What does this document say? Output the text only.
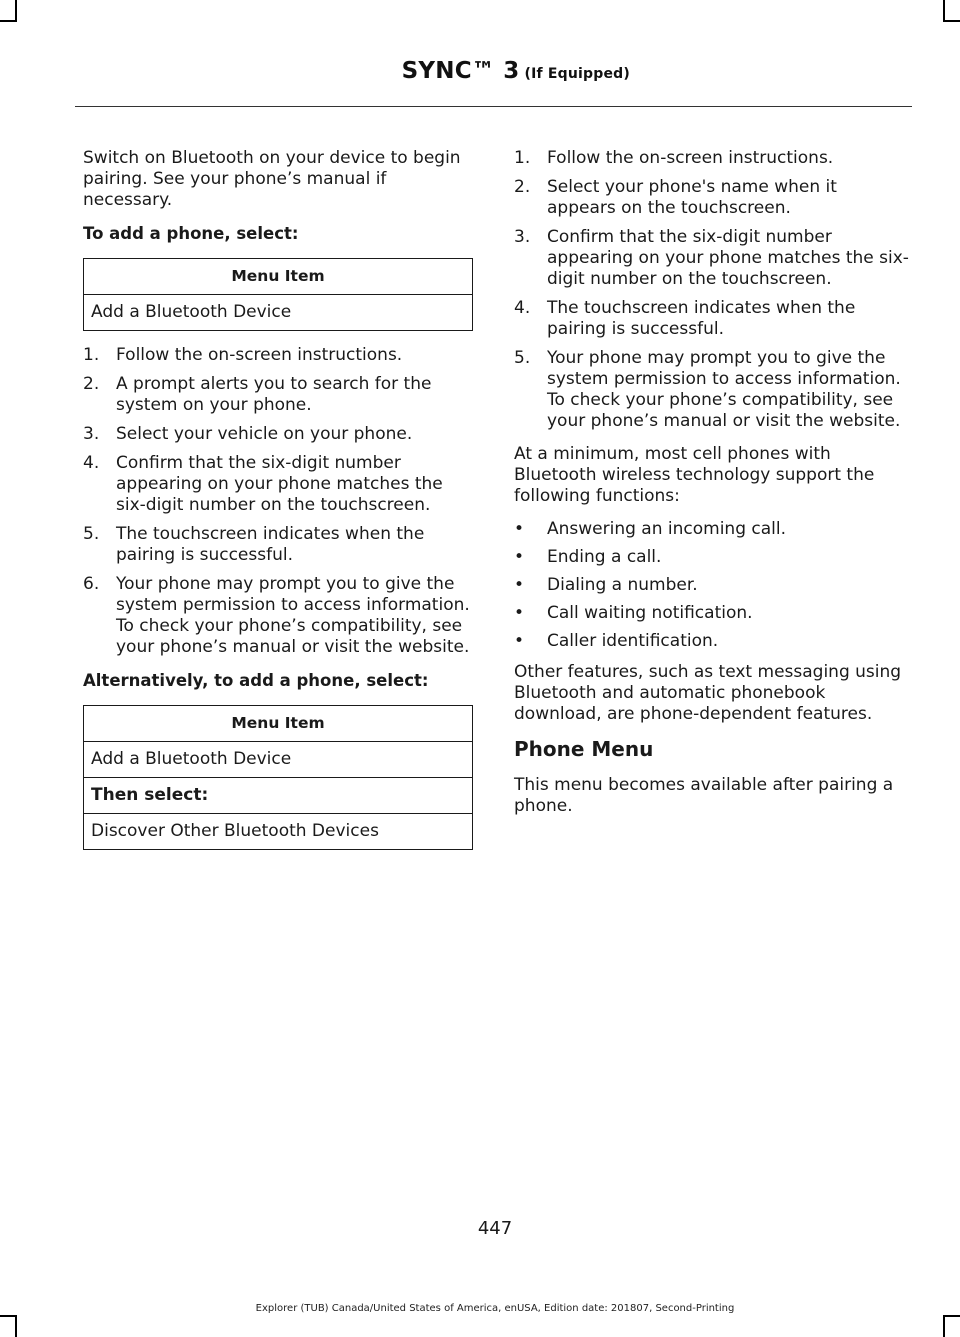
SYNC™ 3 (If Equipped)

Switch on Bluetooth on your device to begin pairing. See your phone’s manual if necessary.

To add a phone, select:

Menu Item
Add a Bluetooth Device
1. Follow the on-screen instructions.
2. A prompt alerts you to search for the system on your phone.
3. Select your vehicle on your phone.
4. Confirm that the six-digit number appearing on your phone matches the six-digit number on the touchscreen.
5. The touchscreen indicates when the pairing is successful.
6. Your phone may prompt you to give the system permission to access information. To check your phone’s compatibility, see your phone’s manual or visit the website.

Alternatively, to add a phone, select:

Menu Item
Add a Bluetooth Device
Then select:
Discover Other Bluetooth Devices
1. Follow the on-screen instructions.
2. Select your phone's name when it appears on the touchscreen.
3. Confirm that the six-digit number appearing on your phone matches the six-digit number on the touchscreen.
4. The touchscreen indicates when the pairing is successful.
5. Your phone may prompt you to give the system permission to access information. To check your phone’s compatibility, see your phone’s manual or visit the website.

At a minimum, most cell phones with Bluetooth wireless technology support the following functions:

• Answering an incoming call.
• Ending a call.
• Dialing a number.
• Call waiting notification.
• Caller identification.

Other features, such as text messaging using Bluetooth and automatic phonebook download, are phone-dependent features.

Phone Menu

This menu becomes available after pairing a phone.

447
Explorer (TUB) Canada/United States of America, enUSA, Edition date: 201807, Second-Printing
